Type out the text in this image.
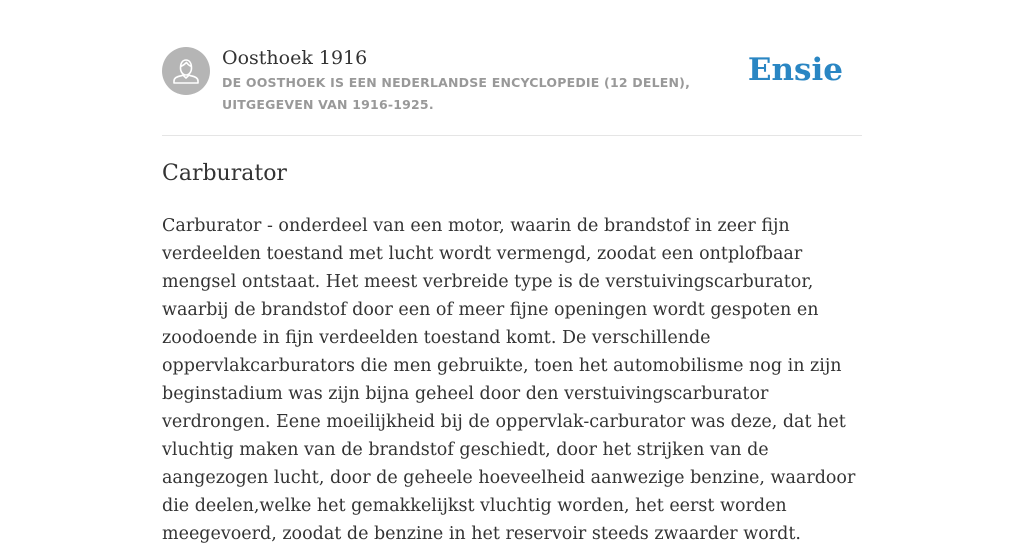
Oosthoek 1916
DE OOSTHOEK IS EEN NEDERLANDSE ENCYCLOPEDIE (12 DELEN), UITGEGEVEN VAN 1916-1925.
Ensie
Carburator

Carburator - onderdeel van een motor, waarin de brandstof in zeer fijn verdeelden toestand met lucht wordt vermengd, zoodat een ontplofbaar mengsel ontstaat. Het meest verbreide type is de verstuivingscarburator, waarbij de brandstof door een of meer fijne openingen wordt gespoten en zoodoende in fijn verdeelden toestand komt. De verschillende oppervlakcarburators die men gebruikte, toen het automobilisme nog in zijn beginstadium was zijn bijna geheel door den verstuivingscarburator verdrongen. Eene moeilijkheid bij de oppervlak-carburator was deze, dat het vluchtig maken van de brandstof geschiedt, door het strijken van de aangezogen lucht, door de geheele hoeveelheid aanwezige benzine, waardoor die deelen,welke het gemakkelijkst vluchtig worden, het eerst worden meegevoerd, zoodat de benzine in het reservoir steeds zwaarder wordt.
